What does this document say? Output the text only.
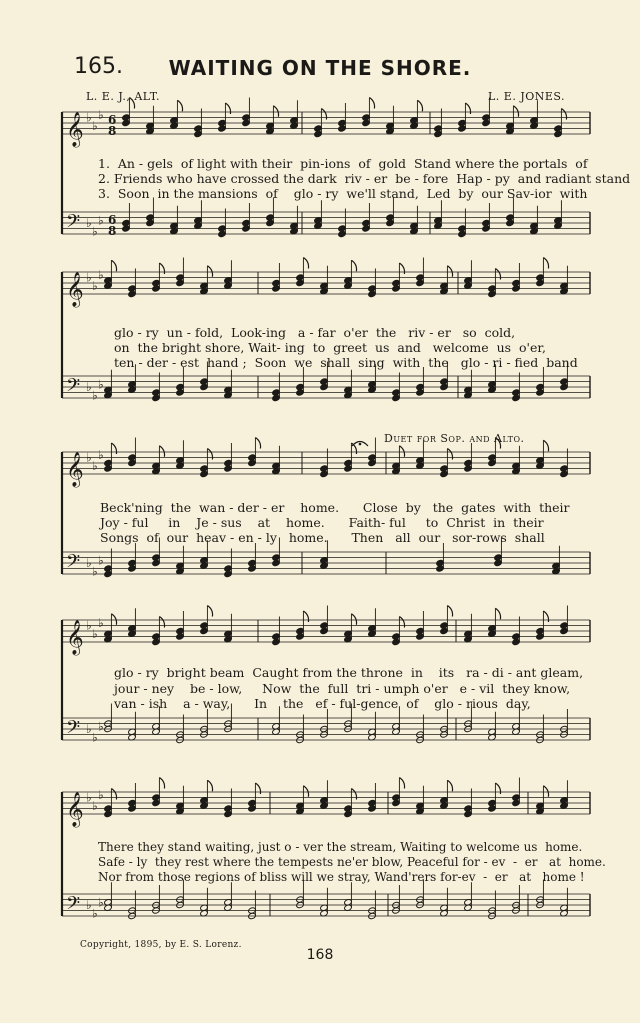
165.	WAITING ON THE SHORE.
L. E. J., ALT.	L. E. JONES.
Duet for Sop. and Alto.
𝄞 ♭
♭
♭ 6
8
𝄢 ♭
♭
♭ 6
8
𝄞 ♭
♭
♭
𝄢 ♭
♭
♭
𝄞 ♭
♭
♭
𝄢 ♭
♭
♭
𝄞 ♭
♭
♭
𝄢 ♭
♭
♭
𝄞 ♭
♭
♭
𝄢 ♭
♭
♭
1.  An - gels  of light with their  pin-ions  of  gold  Stand where the portals  of
2. Friends who have crossed the dark  riv - er  be - fore  Hap - py  and radiant stand
3.  Soon  in the mansions  of    glo - ry  we'll stand,  Led  by  our Sav-ior  with
glo - ry  un - fold,  Look-ing   a - far  o'er  the   riv - er   so  cold,
on  the bright shore, Wait- ing  to  greet  us  and   welcome  us  o'er,
ten - der - est  hand ;  Soon  we  shall  sing  with  the   glo - ri - fied  band
Beck'ning  the  wan - der - er    home.      Close  by   the  gates  with  their
Joy - ful     in    Je - sus    at    home.      Faith- ful     to  Christ  in  their
Songs  of  our  heav - en - ly   home.      Then   all  our   sor-rows  shall
glo - ry  bright beam  Caught from the throne  in    its   ra - di - ant gleam,
jour - ney    be - low,     Now  the  full  tri - umph o'er   e - vil  they know,
van - ish    a - way,      In    the   ef - ful-gence  of    glo - rious  day,
There they stand waiting, just o - ver the stream, Waiting to welcome us  home.
Safe - ly  they rest where the tempests ne'er blow, Peaceful for - ev  -  er   at  home.
Nor from those regions of bliss will we stray, Wand'rers for-ev  -  er   at   home !
Copyright, 1895, by E. S. Lorenz.
168
